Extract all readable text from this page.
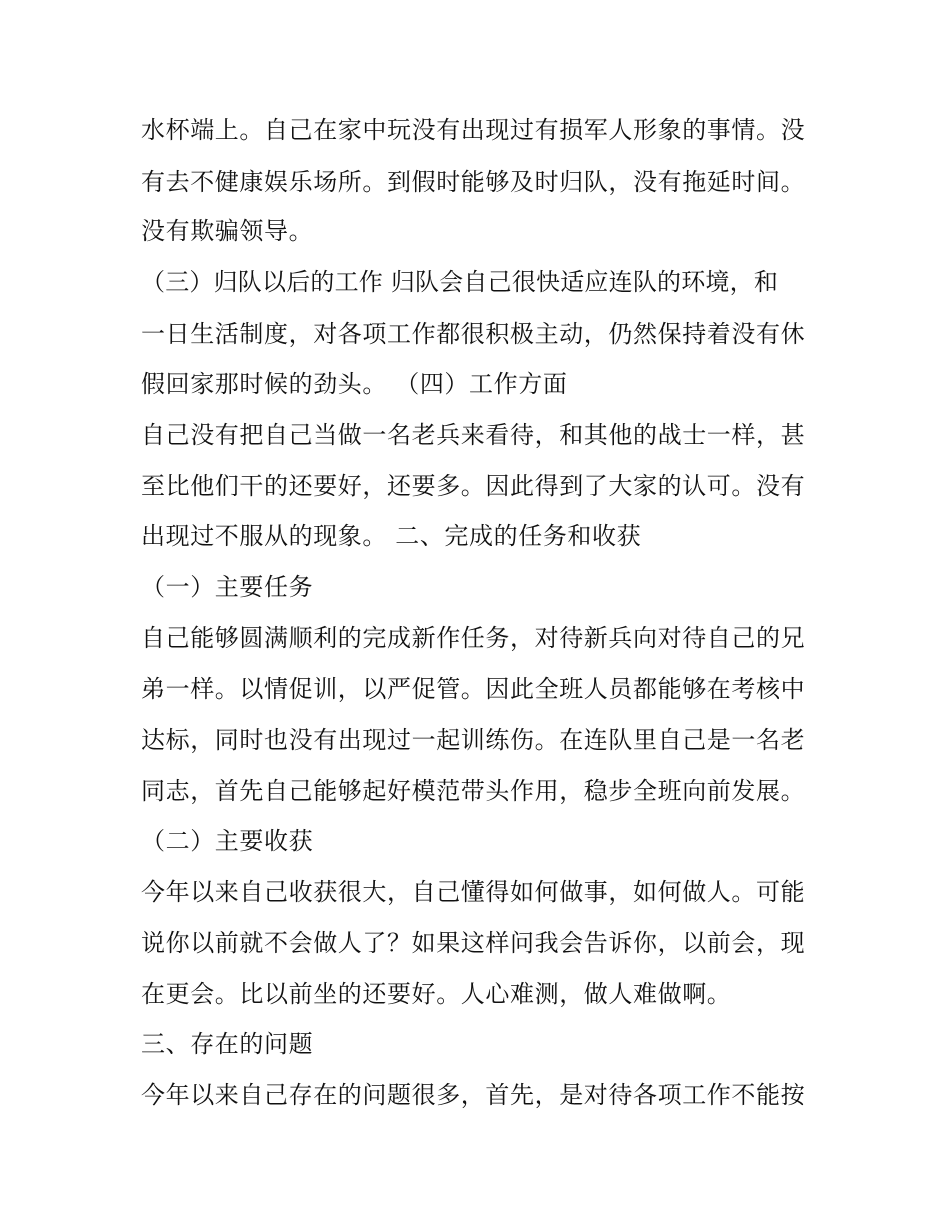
水杯端上。自己在家中玩没有出现过有损军人形象的事情。没
有去不健康娱乐场所。到假时能够及时归队，没有拖延时间。
没有欺骗领导。
（三）归队以后的工作 归队会自己很快适应连队的环境，和
一日生活制度，对各项工作都很积极主动，仍然保持着没有休
假回家那时候的劲头。 （四）工作方面
自己没有把自己当做一名老兵来看待，和其他的战士一样，甚
至比他们干的还要好，还要多。因此得到了大家的认可。没有
出现过不服从的现象。 二、完成的任务和收获
（一）主要任务
自己能够圆满顺利的完成新作任务，对待新兵向对待自己的兄
弟一样。以情促训，以严促管。因此全班人员都能够在考核中
达标，同时也没有出现过一起训练伤。在连队里自己是一名老
同志，首先自己能够起好模范带头作用，稳步全班向前发展。
（二）主要收获
今年以来自己收获很大，自己懂得如何做事，如何做人。可能
说你以前就不会做人了？如果这样问我会告诉你，以前会，现
在更会。比以前坐的还要好。人心难测，做人难做啊。
三、存在的问题
今年以来自己存在的问题很多，首先，是对待各项工作不能按
